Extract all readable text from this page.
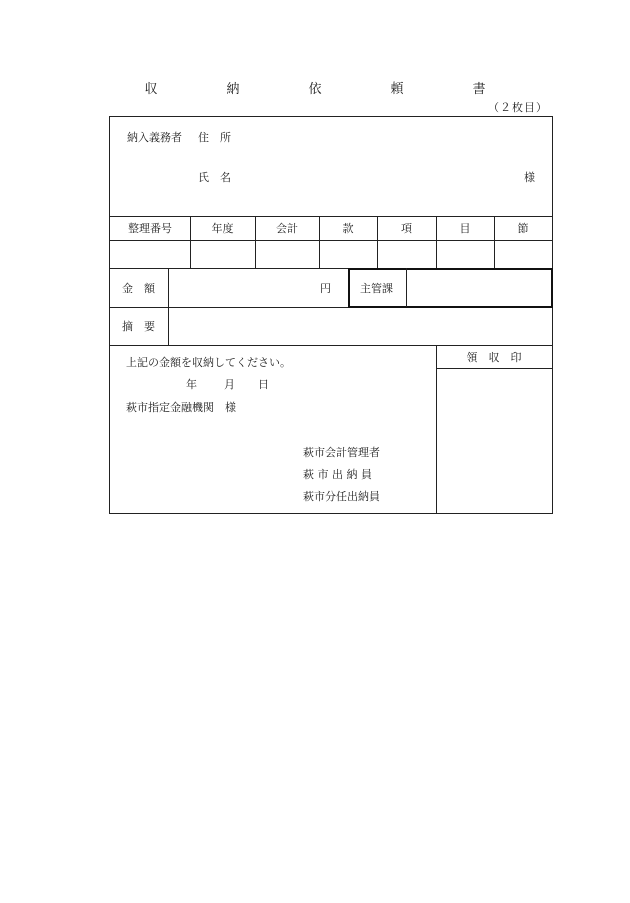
収　納　依　頼　書
（２枚目）
納入義務者 住　所
氏　名	様
整理番号	年度	会計	款	項	目	節
金　額	円	主管課
摘　要
上記の金額を収納してください。
年 月 日
萩市指定金融機関　様
萩市会計管理者
萩 市 出 納 員
萩市分任出納員
領　収　印
